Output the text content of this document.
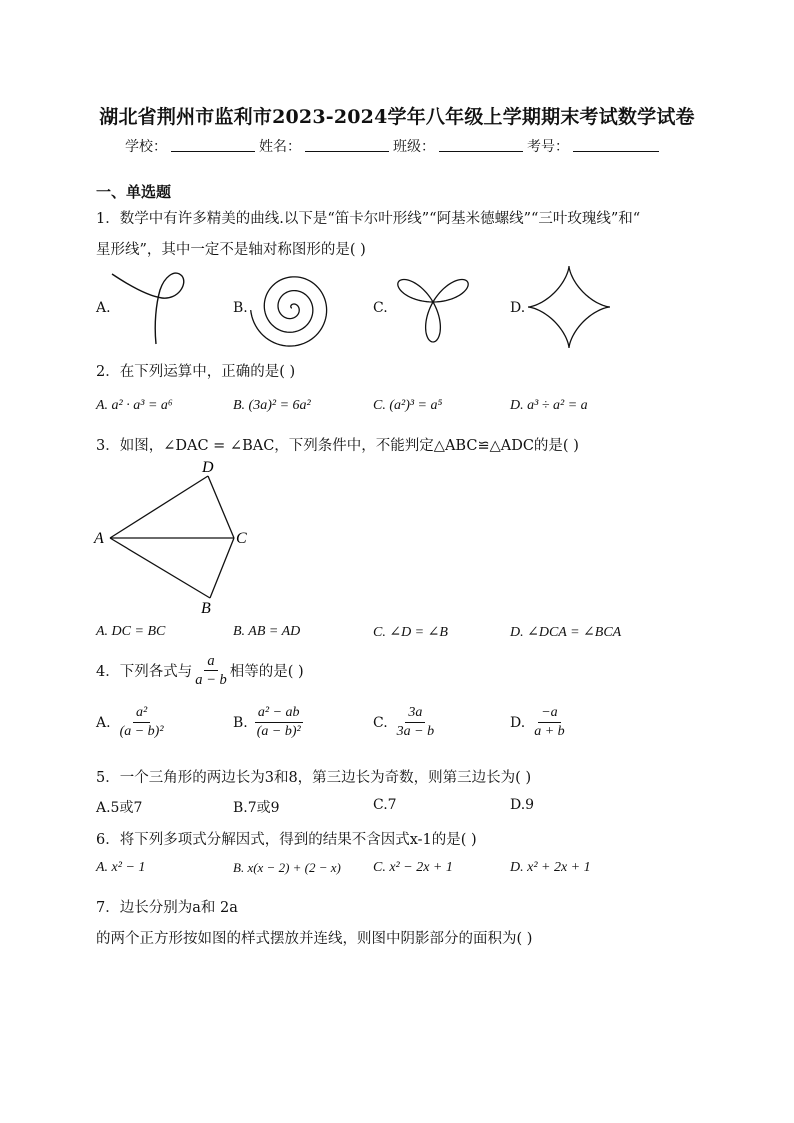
湖北省荆州市监利市2023-2024学年八年级上学期期末考试数学试卷
学校：	姓名：	班级：	考号：
一、单选题
1．数学中有许多精美的曲线.以下是“笛卡尔叶形线”“阿基米德螺线”“三叶玫瑰线”和“
星形线”，其中一定不是轴对称图形的是( )
A.	B.	C.	D.
2．在下列运算中，正确的是( )
A. a² · a³ = a⁶	B. (3a)² = 6a²	C. (a²)³ = a⁵	D. a³ ÷ a² = a
3．如图，∠DAC = ∠BAC，下列条件中，不能判定△ABC≌△ADC的是( )
D
A	C
B
A. DC = BC	B. AB = AD	C. ∠D = ∠B	D. ∠DCA = ∠BCA
4．下列各式与 $\frac{a}{a - b}$ 相等的是( )
A. $\frac{\text{a²}}{\text{(a − b)²}}$	B. $\frac{\text{a² − ab}}{\text{(a − b)²}}$	C. $\frac{3a}{3a - b}$	D. $\frac{-a}{a + b}$
5．一个三角形的两边长为3和8，第三边长为奇数，则第三边长为( )
A.5或7	B.7或9	C.7	D.9
6．将下列多项式分解因式，得到的结果不含因式x-1的是( )
A. x² − 1	B. x(x − 2) + (2 − x) C. x² − 2x + 1	D. x² + 2x + 1
7．边长分别为a和 2a
的两个正方形按如图的样式摆放并连线，则图中阴影部分的面积为( )
